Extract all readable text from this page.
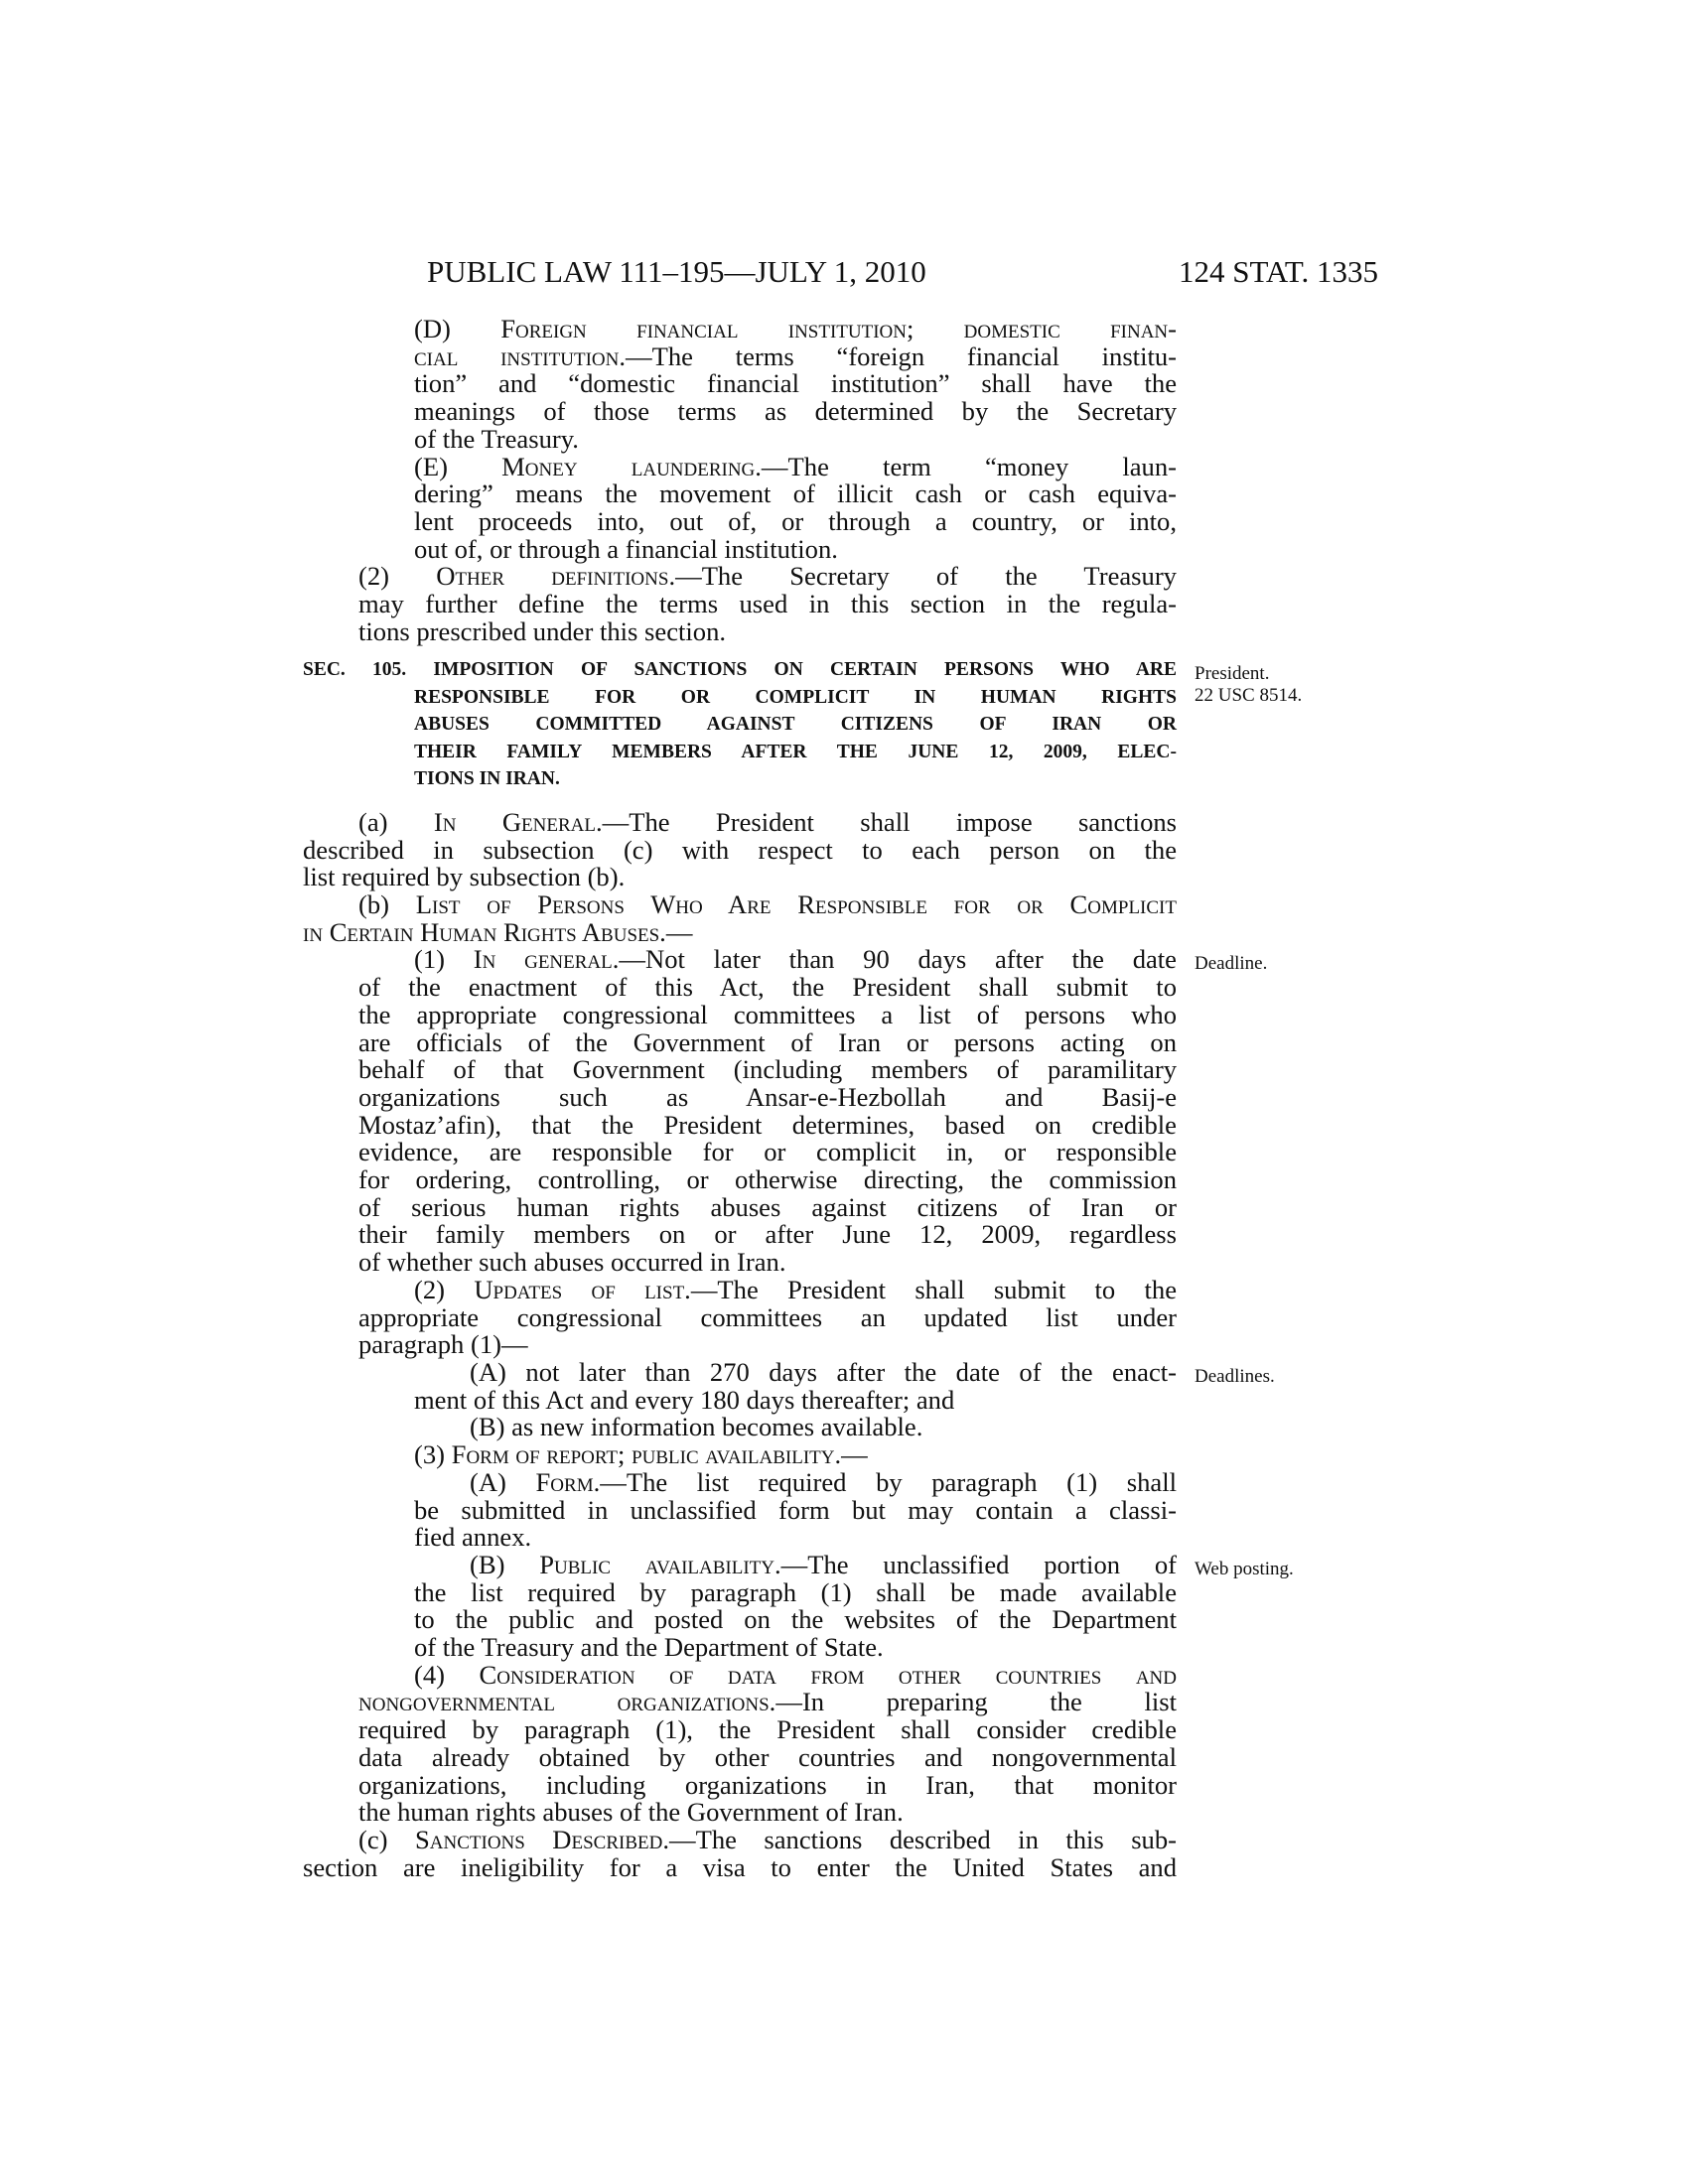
PUBLIC LAW 111–195—JULY 1, 2010	124 STAT. 1335

(D) Foreign financial institution; domestic finan-
cial institution.—The terms “foreign financial institu-
tion” and “domestic financial institution” shall have the
meanings of those terms as determined by the Secretary
of the Treasury.

(E) Money laundering.—The term “money laun-
dering” means the movement of illicit cash or cash equiva-
lent proceeds into, out of, or through a country, or into,
out of, or through a financial institution.

(2) Other definitions.—The Secretary of the Treasury
may further define the terms used in this section in the regula-
tions prescribed under this section.

SEC. 105. IMPOSITION OF SANCTIONS ON CERTAIN PERSONS WHO ARE
RESPONSIBLE FOR OR COMPLICIT IN HUMAN RIGHTS
ABUSES COMMITTED AGAINST CITIZENS OF IRAN OR
THEIR FAMILY MEMBERS AFTER THE JUNE 12, 2009, ELEC-
TIONS IN IRAN.

(a) In General.—The President shall impose sanctions
described in subsection (c) with respect to each person on the
list required by subsection (b).

(b) List of Persons Who Are Responsible for or Complicit
in Certain Human Rights Abuses.—

(1) In general.—Not later than 90 days after the date
of the enactment of this Act, the President shall submit to
the appropriate congressional committees a list of persons who
are officials of the Government of Iran or persons acting on
behalf of that Government (including members of paramilitary
organizations such as Ansar-e-Hezbollah and Basij-e
Mostaz’afin), that the President determines, based on credible
evidence, are responsible for or complicit in, or responsible
for ordering, controlling, or otherwise directing, the commission
of serious human rights abuses against citizens of Iran or
their family members on or after June 12, 2009, regardless
of whether such abuses occurred in Iran.

(2) Updates of list.—The President shall submit to the
appropriate congressional committees an updated list under
paragraph (1)—

(A) not later than 270 days after the date of the enact-
ment of this Act and every 180 days thereafter; and

(B) as new information becomes available.

(3) Form of report; public availability.—

(A) Form.—The list required by paragraph (1) shall
be submitted in unclassified form but may contain a classi-
fied annex.

(B) Public availability.—The unclassified portion of
the list required by paragraph (1) shall be made available
to the public and posted on the websites of the Department
of the Treasury and the Department of State.

(4) Consideration of data from other countries and
nongovernmental organizations.—In preparing the list
required by paragraph (1), the President shall consider credible
data already obtained by other countries and nongovernmental
organizations, including organizations in Iran, that monitor
the human rights abuses of the Government of Iran.

(c) Sanctions Described.—The sanctions described in this sub-
section are ineligibility for a visa to enter the United States and

President.
22 USC 8514.
Deadline.
Deadlines.
Web posting.
